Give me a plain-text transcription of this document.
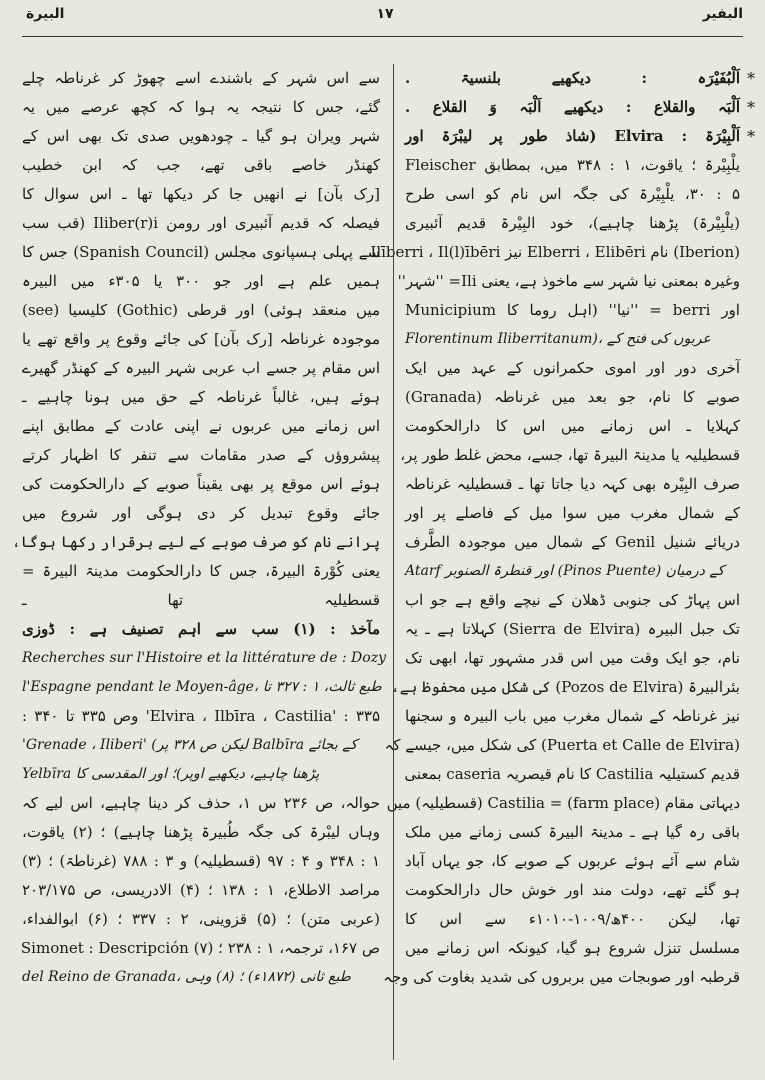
البيرة	۱۷	البفير
*
*
*
اَلْبُفَيْرَہ : دیکھیے بلنسیۃ .
اَلْبَہ والقلاع : دیکھیے اَلْبَہ وَ القلاع .
اَلْبِیْرَۃ : Elvira (شاذ طور پر لیبْرَۃ اور
یلْبِیْرۃ ؛ یاقوت، ۱ : ۳۴۸ میں، بمطابق Fleischer
۵ : ۳۰، یلْبِیْرۃ کی جگہ اس نام کو اسی طرح
(یلْبِیْرۃ) پڑھنا چاہیے)، خود البِیْرۃ قدیم آئبیری
(Iberion) نام Elberri ، Elibēri نیز Ilīberri ، Il(l)ībēri
وغیرہ بمعنی نیا شہر سے ماخوذ ہے، یعنی Ili= ''شہر''
اور berri = ''نیا'' (اہل روما کا Municipium
Florentinum Iliberritanum)، عربوں کی فتح کے
آخری دور اور اموی حکمرانوں کے عہد میں ایک
صوبے کا نام، جو بعد میں غرناطہ (Granada)
کہلایا ـ اس زمانے میں اس کا دارالحکومت
قسطیلیہ یا مدینۃ البیرۃ تھا، جسے، محض غلط طور پر،
صرف البِیْرہ بھی کہہ دیا جاتا تھا ـ قسطیلیہ غرناطہ
کے شمال مغرب میں سوا میل کے فاصلے پر اور
دریائے شنیل Genil کے شمال میں موجودہ الطَّرف
Atarf اور قنطرۃ الصنوبر (Pinos Puente) کے درمیان
اس پہاڑ کی جنوبی ڈھلان کے نیچے واقع ہے جو اب
تک جبل البیرہ (Sierra de Elvira) کہلاتا ہے ـ یہ
نام، جو ایک وقت میں اس قدر مشہور تھا، ابھی تک
بئرالبیرۃ (Pozos de Elvira) کی شکل میں محفوظ ہے،
نیز غرناطہ کے شمال مغرب میں باب البیرہ و سجنھا
(Puerta et Calle de Elvira) کی شکل میں، جیسے کہ
قدیم کستیلیہ Castilia کا نام قیصریہ caseria بمعنی
دیہاتی مقام (farm place) = Castilia (قسطیلیہ) میں
باقی رہ گیا ہے ـ مدینۃ البیرۃ کسی زمانے میں ملک
شام سے آئے ہوئے عربوں کے صوبے کا، جو یہاں آباد
ہو گئے تھے، دولت مند اور خوش حال دارالحکومت
تھا، لیکن ۴۰۰ھ/۱۰۰۹-۱۰۱۰ء سے اس کا
مسلسل تنزل شروع ہو گیا، کیونکہ اس زمانے میں
قرطبہ اور صوبجات میں بربروں کی شدید بغاوت کی وجہ
سے اس شہر کے باشندے اسے چھوڑ کر غرناطہ چلے
گئے، جس کا نتیجہ یہ ہوا کہ کچھ عرصے میں یہ
شہر ویران ہو گیا ـ چودھویں صدی تک بھی اس کے
کھنڈر خاصے باقی تھے، جب کہ ابن خطیب
[رک بآن] نے انھیں جا کر دیکھا تھا ـ اس سوال کا
فیصلہ کہ قدیم آئبیری اور رومن Iliber(r)i (قب سب
سے پہلی ہسپانوی مجلس (Spanish Council) جس کا
ہمیں علم ہے اور جو ۳۰۰ یا ۳۰۵ء میں البیرہ
میں منعقد ہوئی) اور قرطی (Gothic) کلیسیا (see)
موجودہ غرناطہ [رک بآن] کی جائے وقوع پر واقع تھے یا
اس مقام پر جسے اب عربی شہر البیرہ کے کھنڈر گھیرے
ہوئے ہیں، غالباً غرناطہ کے حق میں ہونا چاہیے ـ
اس زمانے میں عربوں نے اپنی عادت کے مطابق اپنے
پیشروؤں کے صدر مقامات سے تنفر کا اظہار کرتے
ہوئے اس موقع پر بھی یقیناً صوبے کے دارالحکومت کی
جائے وقوع تبدیل کر دی ہوگی اور شروع میں
پرانے نام کو صرف صوبے کے لیے برقرار رکھا ہوگا،
یعنی کُوْرۃ البیرۃ، جس کا دارالحکومت مدینۃ البیرۃ =
قسطیلیہ تھا ـ
مآخذ : (۱) سب سے اہم تصنیف ہے : ڈوزی
Recherches sur l'Histoire et la littérature de : Dozy
l'Espagne pendant le Moyen-âge، طبع ثالث، ۱ : ۳۲۷ تا
۳۳۵ : 'Elvira ، Ilbīra ، Castilia' وص ۳۳۵ تا ۳۴۰ :
'Grenade ، Iliberi' (لیکن ص ۳۲۸ پر Balbīra کے بجائے
Yelbīra پڑھنا چاہیے، دیکھیے اوپر)؛ اور المقدسی کا
حوالہ، ص ۲۳۶ س ۱، حذف کر دینا چاہیے، اس لیے کہ
وہاں لیبْرۃ کی جگہ طُبیرۃ پڑھنا چاہیے) ؛ (۲) یاقوت،
۱ : ۳۴۸ و ۴ : ۹۷ (قسطیلیہ) و ۳ : ۷۸۸ (غرناطۃ) ؛ (۳)
مراصد الاطلاع، ۱ : ۱۳۸ ؛ (۴) الادریسی، ص ۲۰۳/۱۷۵
(عربی متن) ؛ (۵) قزوینی، ۲ : ۳۳۷ ؛ (۶) ابوالفداء،
ص ۱۶۷، ترجمہ، ۱ : ۲۳۸ ؛ (۷) Simonet : Descripción
del Reino de Granada، طبع ثانی (۱۸۷۲ء) ؛ (۸) وہی
